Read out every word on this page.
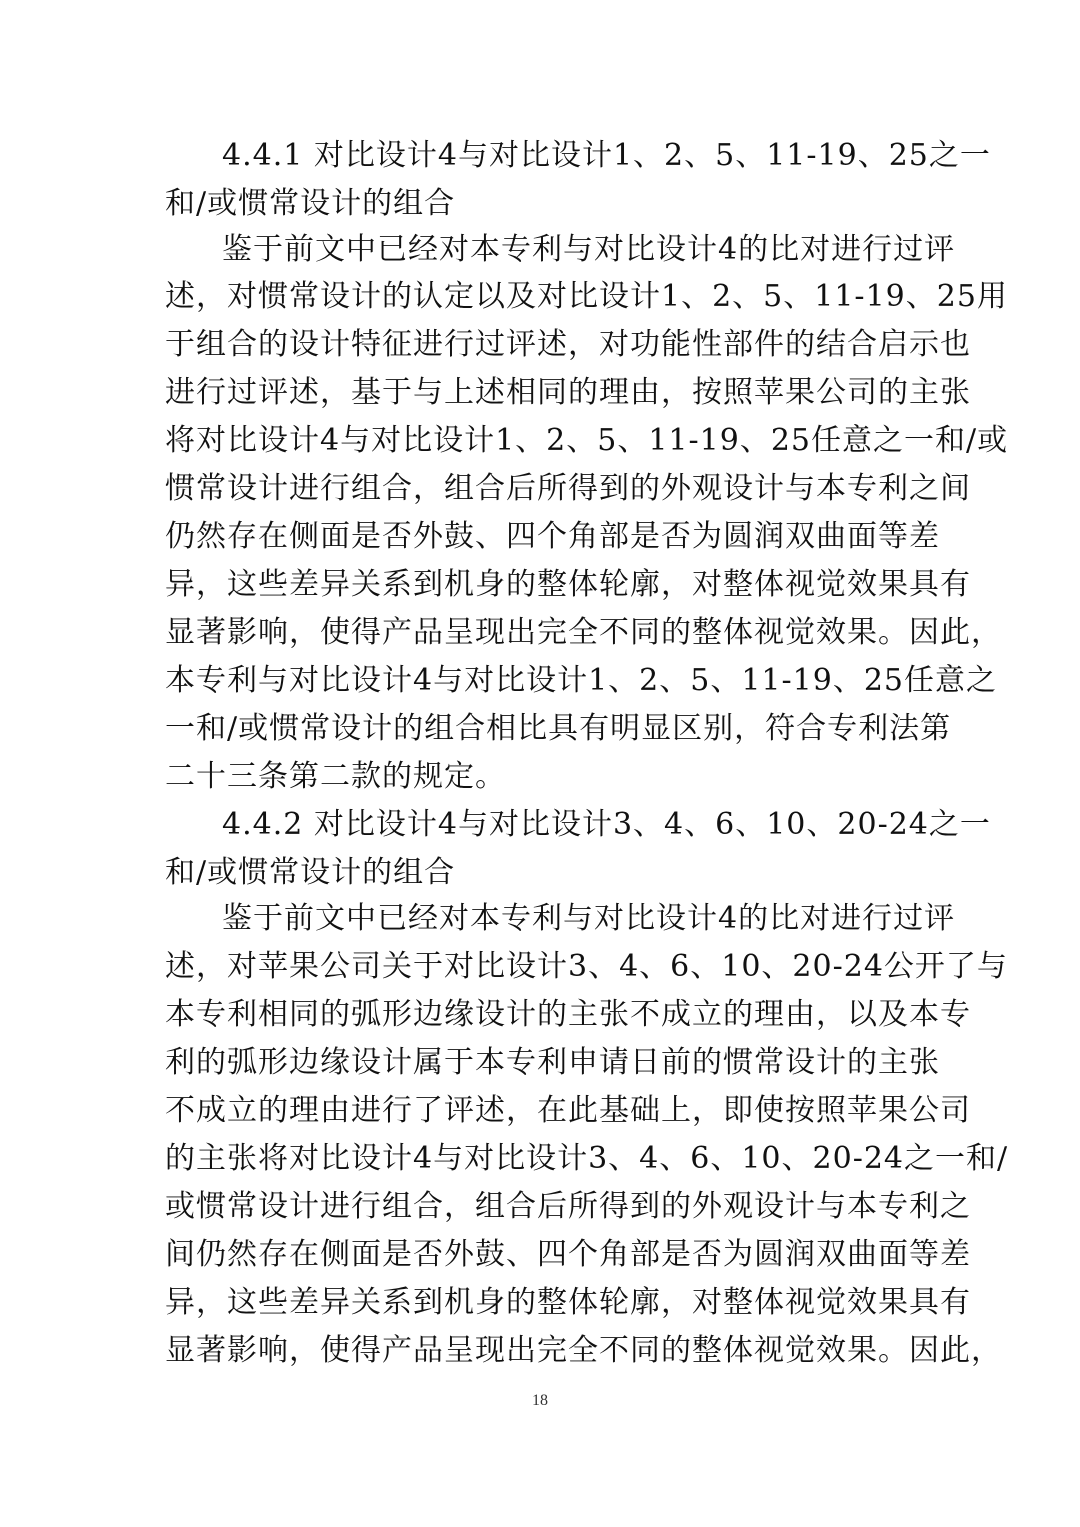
4.4.1 对比设计4与对比设计1、2、5、11-19、25之一
和/或惯常设计的组合
鉴于前文中已经对本专利与对比设计4的比对进行过评
述，对惯常设计的认定以及对比设计1、2、5、11-19、25用
于组合的设计特征进行过评述，对功能性部件的结合启示也
进行过评述，基于与上述相同的理由，按照苹果公司的主张
将对比设计4与对比设计1、2、5、11-19、25任意之一和/或
惯常设计进行组合，组合后所得到的外观设计与本专利之间
仍然存在侧面是否外鼓、四个角部是否为圆润双曲面等差
异，这些差异关系到机身的整体轮廓，对整体视觉效果具有
显著影响，使得产品呈现出完全不同的整体视觉效果。因此，
本专利与对比设计4与对比设计1、2、5、11-19、25任意之
一和/或惯常设计的组合相比具有明显区别，符合专利法第
二十三条第二款的规定。
4.4.2 对比设计4与对比设计3、4、6、10、20-24之一
和/或惯常设计的组合
鉴于前文中已经对本专利与对比设计4的比对进行过评
述，对苹果公司关于对比设计3、4、6、10、20-24公开了与
本专利相同的弧形边缘设计的主张不成立的理由，以及本专
利的弧形边缘设计属于本专利申请日前的惯常设计的主张
不成立的理由进行了评述，在此基础上，即使按照苹果公司
的主张将对比设计4与对比设计3、4、6、10、20-24之一和/
或惯常设计进行组合，组合后所得到的外观设计与本专利之
间仍然存在侧面是否外鼓、四个角部是否为圆润双曲面等差
异，这些差异关系到机身的整体轮廓，对整体视觉效果具有
显著影响，使得产品呈现出完全不同的整体视觉效果。因此，
18
